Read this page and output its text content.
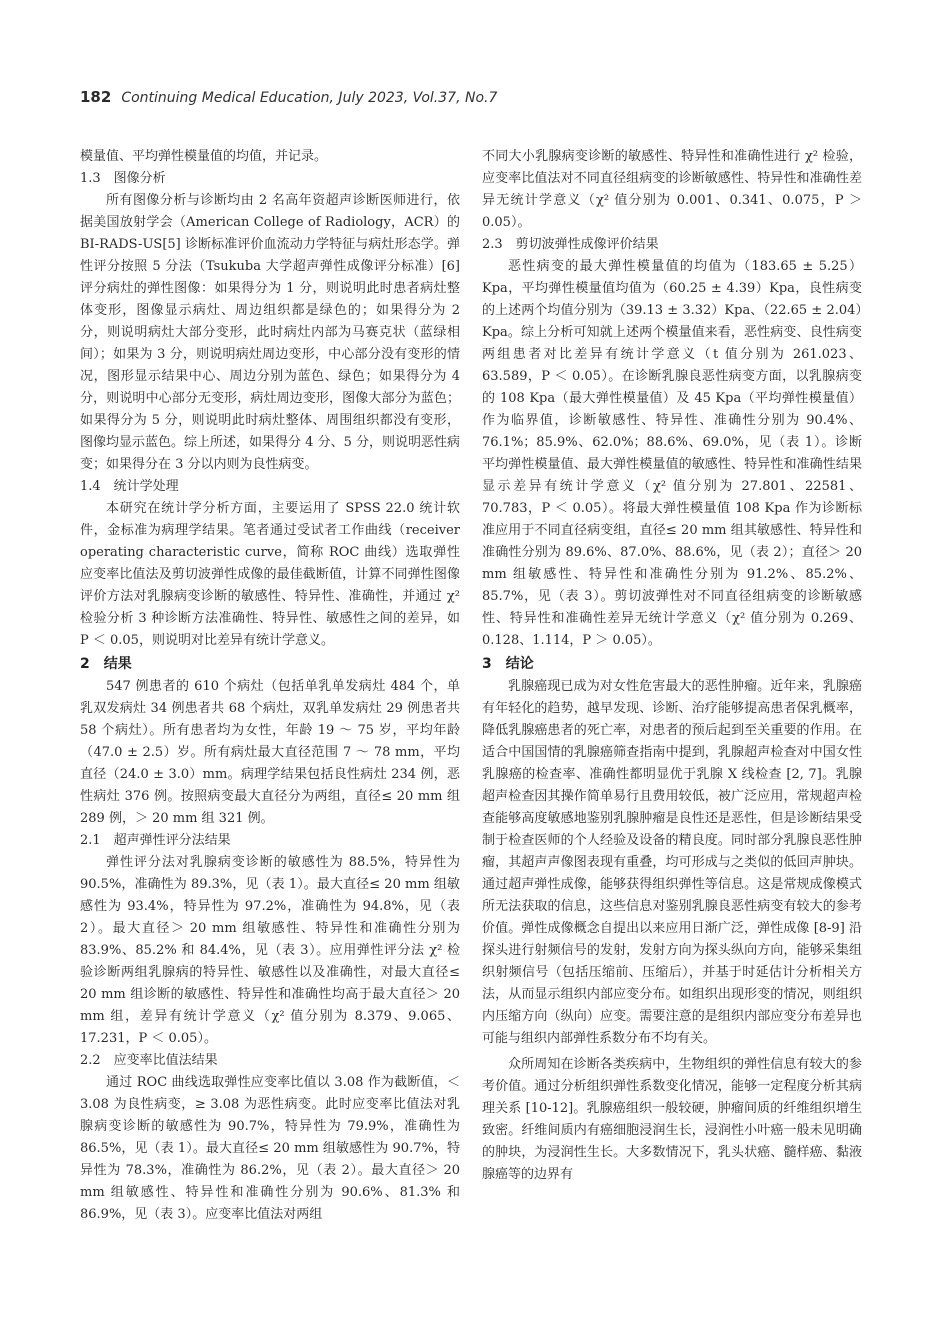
182 Continuing Medical Education, July 2023, Vol.37, No.7

模量值、平均弹性模量值的均值，并记录。

1.3　图像分析

所有图像分析与诊断均由 2 名高年资超声诊断医师进行，依据美国放射学会（American College of Radiology，ACR）的 BI-RADS-US[5] 诊断标准评价血流动力学特征与病灶形态学。弹性评分按照 5 分法（Tsukuba 大学超声弹性成像评分标准）[6] 评分病灶的弹性图像：如果得分为 1 分，则说明此时患者病灶整体变形，图像显示病灶、周边组织都是绿色的；如果得分为 2 分，则说明病灶大部分变形，此时病灶内部为马赛克状（蓝绿相间）；如果为 3 分，则说明病灶周边变形，中心部分没有变形的情况，图形显示结果中心、周边分别为蓝色、绿色；如果得分为 4 分，则说明中心部分无变形，病灶周边变形，图像大部分为蓝色；如果得分为 5 分，则说明此时病灶整体、周围组织都没有变形，图像均显示蓝色。综上所述，如果得分 4 分、5 分，则说明恶性病变；如果得分在 3 分以内则为良性病变。

1.4　统计学处理

本研究在统计学分析方面，主要运用了 SPSS 22.0 统计软件，金标准为病理学结果。笔者通过受试者工作曲线（receiver operating characteristic curve，简称 ROC 曲线）选取弹性应变率比值法及剪切波弹性成像的最佳截断值，计算不同弹性图像评价方法对乳腺病变诊断的敏感性、特异性、准确性，并通过 χ² 检验分析 3 种诊断方法准确性、特异性、敏感性之间的差异，如 P ＜ 0.05，则说明对比差异有统计学意义。

2　结果

547 例患者的 610 个病灶（包括单乳单发病灶 484 个，单乳双发病灶 34 例患者共 68 个病灶，双乳单发病灶 29 例患者共 58 个病灶）。所有患者均为女性，年龄 19 ～ 75 岁，平均年龄（47.0 ± 2.5）岁。所有病灶最大直径范围 7 ～ 78 mm，平均直径（24.0 ± 3.0）mm。病理学结果包括良性病灶 234 例，恶性病灶 376 例。按照病变最大直径分为两组，直径≤ 20 mm 组 289 例，＞ 20 mm 组 321 例。

2.1　超声弹性评分法结果

弹性评分法对乳腺病变诊断的敏感性为 88.5%，特异性为 90.5%，准确性为 89.3%，见（表 1）。最大直径≤ 20 mm 组敏感性为 93.4%，特异性为 97.2%，准确性为 94.8%，见（表 2）。最大直径＞ 20 mm 组敏感性、特异性和准确性分别为 83.9%、85.2% 和 84.4%，见（表 3）。应用弹性评分法 χ² 检验诊断两组乳腺病的特异性、敏感性以及准确性，对最大直径≤ 20 mm 组诊断的敏感性、特异性和准确性均高于最大直径＞ 20 mm 组，差异有统计学意义（χ² 值分别为 8.379、9.065、17.231，P ＜ 0.05）。

2.2　应变率比值法结果

通过 ROC 曲线选取弹性应变率比值以 3.08 作为截断值，＜ 3.08 为良性病变，≥ 3.08 为恶性病变。此时应变率比值法对乳腺病变诊断的敏感性为 90.7%，特异性为 79.9%，准确性为 86.5%，见（表 1）。最大直径≤ 20 mm 组敏感性为 90.7%，特异性为 78.3%，准确性为 86.2%，见（表 2）。最大直径＞ 20 mm 组敏感性、特异性和准确性分别为 90.6%、81.3% 和 86.9%，见（表 3）。应变率比值法对两组

不同大小乳腺病变诊断的敏感性、特异性和准确性进行 χ² 检验，应变率比值法对不同直径组病变的诊断敏感性、特异性和准确性差异无统计学意义（χ² 值分别为 0.001、0.341、0.075，P ＞ 0.05）。

2.3　剪切波弹性成像评价结果

恶性病变的最大弹性模量值的均值为（183.65 ± 5.25）Kpa，平均弹性模量值均值为（60.25 ± 4.39）Kpa，良性病变的上述两个均值分别为（39.13 ± 3.32）Kpa、（22.65 ± 2.04）Kpa。综上分析可知就上述两个模量值来看，恶性病变、良性病变两组患者对比差异有统计学意义（t 值分别为 261.023、63.589，P ＜ 0.05）。在诊断乳腺良恶性病变方面，以乳腺病变的 108 Kpa（最大弹性模量值）及 45 Kpa（平均弹性模量值）作为临界值，诊断敏感性、特异性、准确性分别为 90.4%、76.1%；85.9%、62.0%；88.6%、69.0%，见（表 1）。诊断平均弹性模量值、最大弹性模量值的敏感性、特异性和准确性结果显示差异有统计学意义（χ² 值分别为 27.801、22581、70.783，P ＜ 0.05）。将最大弹性模量值 108 Kpa 作为诊断标准应用于不同直径病变组，直径≤ 20 mm 组其敏感性、特异性和准确性分别为 89.6%、87.0%、88.6%，见（表 2）；直径＞ 20 mm 组敏感性、特异性和准确性分别为 91.2%、85.2%、85.7%，见（表 3）。剪切波弹性对不同直径组病变的诊断敏感性、特异性和准确性差异无统计学意义（χ² 值分别为 0.269、0.128、1.114，P ＞ 0.05）。

3　结论

乳腺癌现已成为对女性危害最大的恶性肿瘤。近年来，乳腺癌有年轻化的趋势，越早发现、诊断、治疗能够提高患者保乳概率，降低乳腺癌患者的死亡率，对患者的预后起到至关重要的作用。在适合中国国情的乳腺癌筛查指南中提到，乳腺超声检查对中国女性乳腺癌的检查率、准确性都明显优于乳腺 X 线检查 [2, 7]。乳腺超声检查因其操作简单易行且费用较低，被广泛应用，常规超声检查能够高度敏感地鉴别乳腺肿瘤是良性还是恶性，但是诊断结果受制于检查医师的个人经验及设备的精良度。同时部分乳腺良恶性肿瘤，其超声声像图表现有重叠，均可形成与之类似的低回声肿块。通过超声弹性成像，能够获得组织弹性等信息。这是常规成像模式所无法获取的信息，这些信息对鉴别乳腺良恶性病变有较大的参考价值。弹性成像概念自提出以来应用日渐广泛，弹性成像 [8-9] 沿探头进行射频信号的发射，发射方向为探头纵向方向，能够采集组织射频信号（包括压缩前、压缩后），并基于时延估计分析相关方法，从而显示组织内部应变分布。如组织出现形变的情况，则组织内压缩方向（纵向）应变。需要注意的是组织内部应变分布差异也可能与组织内部弹性系数分布不均有关。

众所周知在诊断各类疾病中，生物组织的弹性信息有较大的参考价值。通过分析组织弹性系数变化情况，能够一定程度分析其病理关系 [10-12]。乳腺癌组织一般较硬，肿瘤间质的纤维组织增生致密。纤维间质内有癌细胞浸润生长，浸润性小叶癌一般未见明确的肿块，为浸润性生长。大多数情况下，乳头状癌、髓样癌、黏液腺癌等的边界有
